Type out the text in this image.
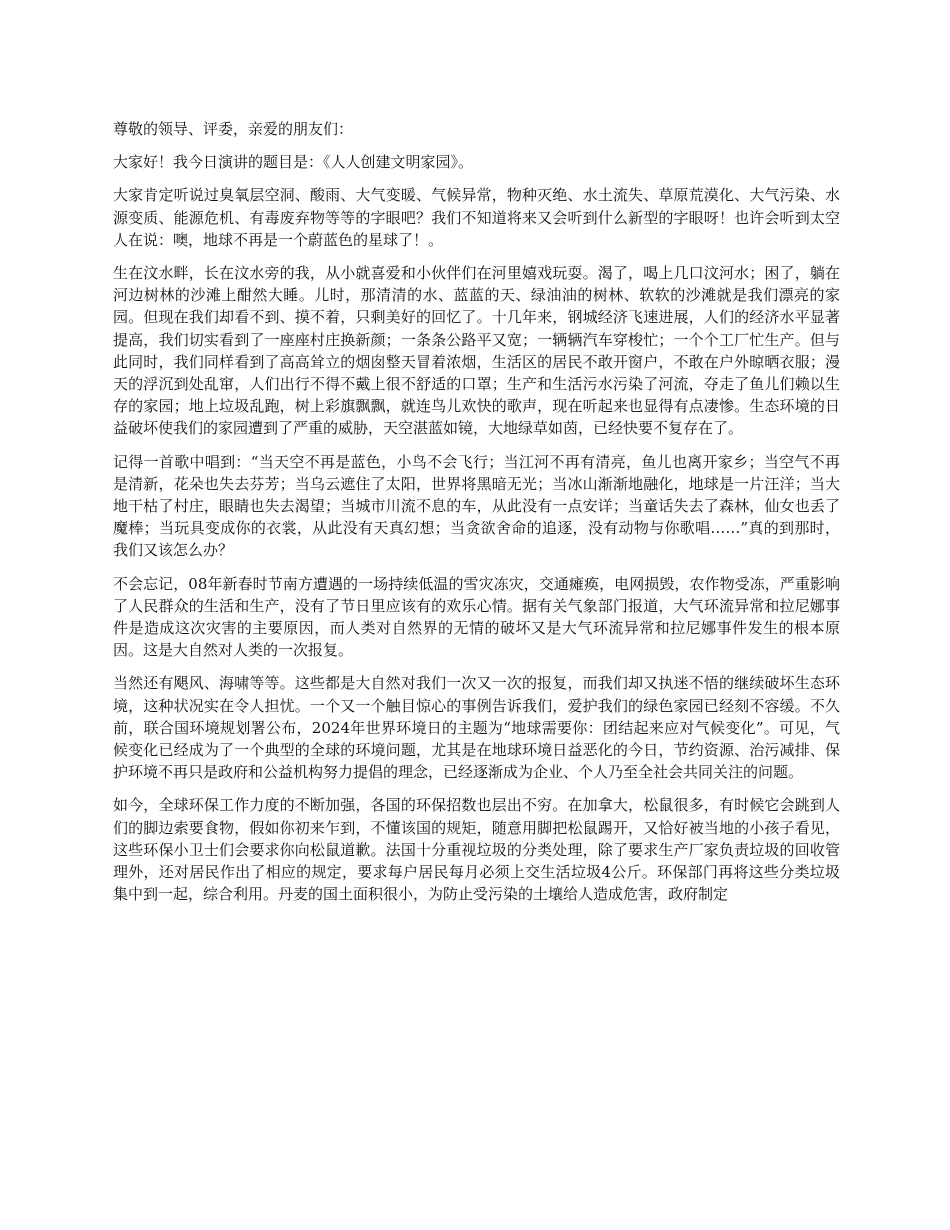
尊敬的领导、评委，亲爱的朋友们：

大家好！我今日演讲的题目是：《人人创建文明家园》。

大家肯定听说过臭氧层空洞、酸雨、大气变暖、气候异常，物种灭绝、水土流失、草原荒漠化、大气污染、水源变质、能源危机、有毒废弃物等等的字眼吧？我们不知道将来又会听到什么新型的字眼呀！也许会听到太空人在说：噢，地球不再是一个蔚蓝色的星球了！。

生在汶水畔，长在汶水旁的我，从小就喜爱和小伙伴们在河里嬉戏玩耍。渴了，喝上几口汶河水；困了，躺在河边树林的沙滩上酣然大睡。儿时，那清清的水、蓝蓝的天、绿油油的树林、软软的沙滩就是我们漂亮的家园。但现在我们却看不到、摸不着，只剩美好的回忆了。十几年来，钢城经济飞速进展，人们的经济水平显著提高，我们切实看到了一座座村庄换新颜；一条条公路平又宽；一辆辆汽车穿梭忙；一个个工厂忙生产。但与此同时，我们同样看到了高高耸立的烟囱整天冒着浓烟，生活区的居民不敢开窗户，不敢在户外晾晒衣服；漫天的浮沉到处乱窜，人们出行不得不戴上很不舒适的口罩；生产和生活污水污染了河流，夺走了鱼儿们赖以生存的家园；地上垃圾乱跑，树上彩旗飘飘，就连鸟儿欢快的歌声，现在听起来也显得有点凄惨。生态环境的日益破坏使我们的家园遭到了严重的威胁，天空湛蓝如镜，大地绿草如茵，已经快要不复存在了。

记得一首歌中唱到：“当天空不再是蓝色，小鸟不会飞行；当江河不再有清亮，鱼儿也离开家乡；当空气不再是清新，花朵也失去芬芳；当乌云遮住了太阳，世界将黑暗无光；当冰山渐渐地融化，地球是一片汪洋；当大地干枯了村庄，眼睛也失去渴望；当城市川流不息的车，从此没有一点安详；当童话失去了森林，仙女也丢了魔棒；当玩具变成你的衣裳，从此没有天真幻想；当贪欲舍命的追逐，没有动物与你歌唱……”真的到那时，我们又该怎么办？

不会忘记，08年新春时节南方遭遇的一场持续低温的雪灾冻灾，交通瘫痪，电网损毁，农作物受冻，严重影响了人民群众的生活和生产，没有了节日里应该有的欢乐心情。据有关气象部门报道，大气环流异常和拉尼娜事件是造成这次灾害的主要原因，而人类对自然界的无情的破坏又是大气环流异常和拉尼娜事件发生的根本原因。这是大自然对人类的一次报复。

当然还有飓风、海啸等等。这些都是大自然对我们一次又一次的报复，而我们却又执迷不悟的继续破坏生态环境，这种状况实在令人担忧。一个又一个触目惊心的事例告诉我们，爱护我们的绿色家园已经刻不容缓。不久前，联合国环境规划署公布，2024年世界环境日的主题为“地球需要你：团结起来应对气候变化”。可见，气候变化已经成为了一个典型的全球的环境问题，尤其是在地球环境日益恶化的今日，节约资源、治污减排、保护环境不再只是政府和公益机构努力提倡的理念，已经逐渐成为企业、个人乃至全社会共同关注的问题。

如今，全球环保工作力度的不断加强，各国的环保招数也层出不穷。在加拿大，松鼠很多，有时候它会跳到人们的脚边索要食物，假如你初来乍到，不懂该国的规矩，随意用脚把松鼠踢开，又恰好被当地的小孩子看见，这些环保小卫士们会要求你向松鼠道歉。法国十分重视垃圾的分类处理，除了要求生产厂家负责垃圾的回收管理外，还对居民作出了相应的规定，要求每户居民每月必须上交生活垃圾4公斤。环保部门再将这些分类垃圾集中到一起，综合利用。丹麦的国土面积很小，为防止受污染的土壤给人造成危害，政府制定
